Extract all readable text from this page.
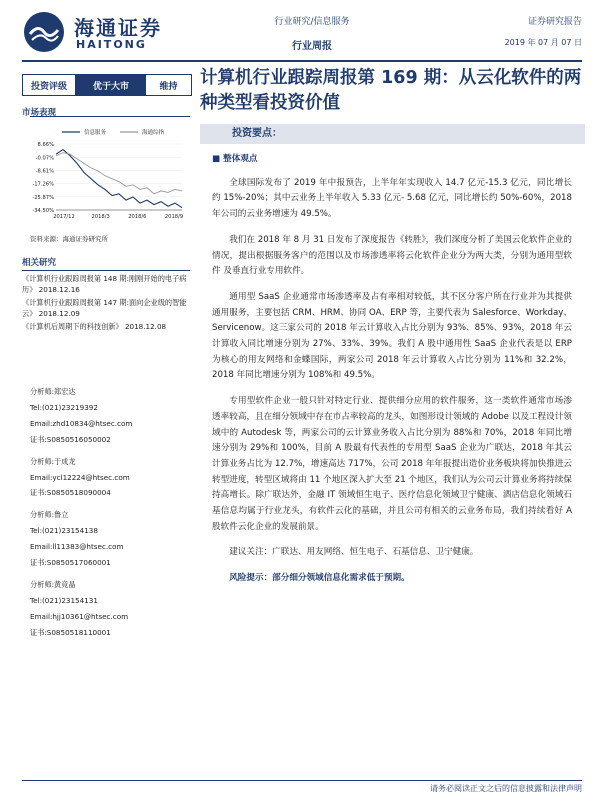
海通证券
HAITONG
行业研究/信息服务
行业周报
证券研究报告
2019 年 07 月 07 日
投资评级	优于大市	维持
市场表现
信息服务	海通综指
8.66%
-0.07%
-8.61%
-17.26%
-25.87%
-34.50%
2017/12	2018/3	2018/6	2018/9
资料来源：海通证券研究所
相关研究
《计算机行业跟踪周报第 148 期:刚刚开始的电子病历》 2018.12.16
《计算机行业跟踪周报第 147 期:面向企业级的智能云》 2018.12.09
《计算机后周期下的科技创新》 2018.12.08
分析师:郑宏达
Tel:(021)23219392
Email:zhd10834@htsec.com
证书:S0850516050002
分析师:于成龙
Email:ycl12224@htsec.com
证书:S0850518090004
分析师:鲁立
Tel:(021)23154138
Email:ll11383@htsec.com
证书:S0850517060001
分析师:黄竞晶
Tel:(021)23154131
Email:hjj10361@htsec.com
证书:S0850518110001
计算机行业跟踪周报第 169 期：从云化软件的两种类型看投资价值
投资要点：
■ 整体观点

全球国际发布了 2019 年中报预告，上半年年实现收入 14.7 亿元-15.3 亿元，同比增长约 15%-20%；其中云业务上半年收入 5.33 亿元- 5.68 亿元，同比增长约 50%-60%，2018 年公司的云业务增速为 49.5%。

我们在 2018 年 8 月 31 日发布了深度报告《转胜》，我们深度分析了美国云化软件企业的情况，提出根据服务客户的范围以及市场渗透率将云化软件企业分为两大类，分别为通用型软件 及垂直行业专用软件。

通用型 SaaS 企业通常市场渗透率及占有率相对较低，其不区分客户所在行业并为其提供通用服务，主要包括 CRM、HRM、协同 OA、ERP 等，主要代表为 Salesforce、Workday、Servicenow。这三家公司的 2018 年云计算收入占比分别为 93%、85%、93%，2018 年云计算收入同比增速分别为 27%、33%、39%。我们 A 股中通用性 SaaS 企业代表是以 ERP 为核心的用友网络和金蝶国际，两家公司 2018 年云计算收入占比分别为 11%和 32.2%，2018 年同比增速分别为 108%和 49.5%。

专用型软件企业一般只针对特定行业、提供细分应用的软件服务，这一类软件通常市场渗透率较高，且在细分领域中存在市占率较高的龙头，如图形设计领域的 Adobe 以及工程设计领域中的 Autodesk 等，两家公司的云计算业务收入占比分别为 88%和 70%，2018 年同比增速分别为 29%和 100%，目前 A 股最有代表性的专用型 SaaS 企业为广联达，2018 年其云计算业务占比为 12.7%，增速高达 717%，公司 2018 年年报提出造价业务板块将加快推进云转型进度，转型区域将由 11 个地区深入扩大至 21 个地区，我们认为公司云计算业务将持续保持高增长。除广联达外，金融 IT 领域恒生电子、医疗信息化领域卫宁健康、酒店信息化领域石基信息均属于行业龙头，有软件云化的基础，并且公司有相关的云业务布局，我们持续看好 A 股软件云化企业的发展前景。

建议关注：广联达、用友网络、恒生电子、石基信息、卫宁健康。

风险提示：部分细分领域信息化需求低于预期。

请务必阅读正文之后的信息披露和法律声明
